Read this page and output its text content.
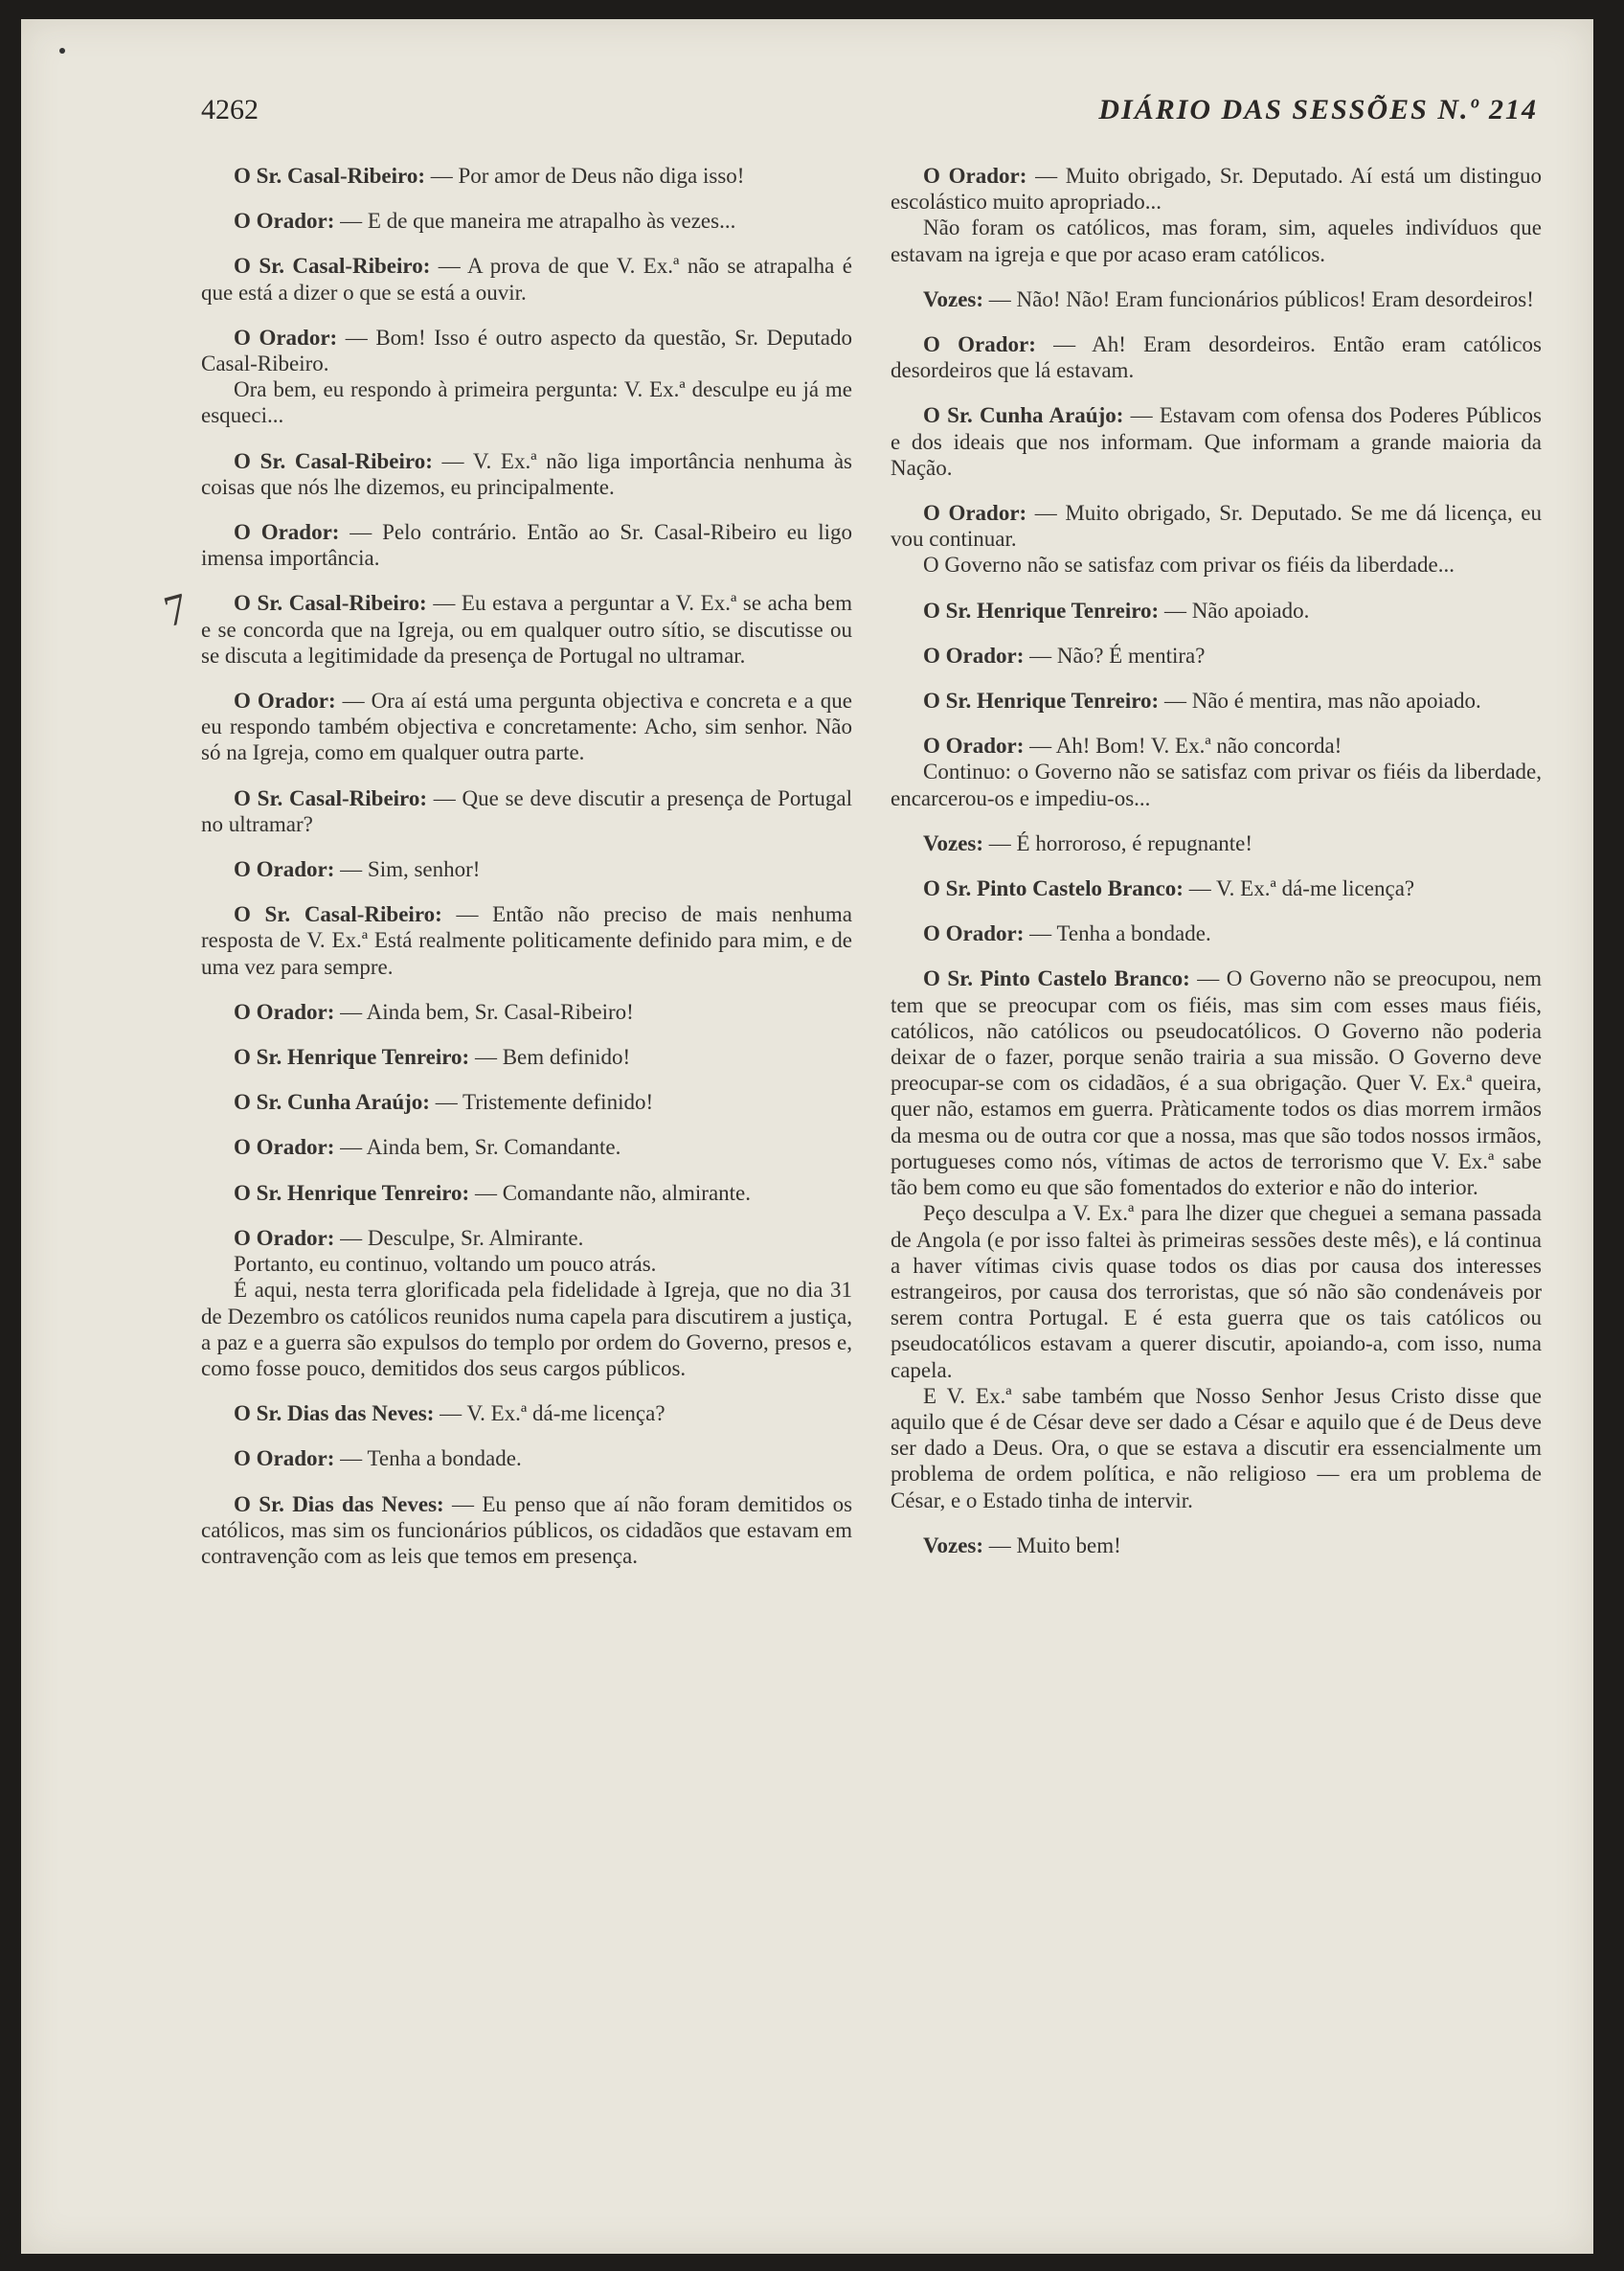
4262	DIÁRIO DAS SESSÕES N.º 214
7
O Sr. Casal-Ribeiro: — Por amor de Deus não diga isso!
O Orador: — E de que maneira me atrapalho às vezes...
O Sr. Casal-Ribeiro: — A prova de que V. Ex.ª não se atrapalha é que está a dizer o que se está a ouvir.
O Orador: — Bom! Isso é outro aspecto da questão, Sr. Deputado Casal-Ribeiro.
Ora bem, eu respondo à primeira pergunta: V. Ex.ª desculpe eu já me esqueci...
O Sr. Casal-Ribeiro: — V. Ex.ª não liga importância nenhuma às coisas que nós lhe dizemos, eu principalmente.
O Orador: — Pelo contrário. Então ao Sr. Casal-Ribeiro eu ligo imensa importância.
O Sr. Casal-Ribeiro: — Eu estava a perguntar a V. Ex.ª se acha bem e se concorda que na Igreja, ou em qualquer outro sítio, se discutisse ou se discuta a legitimidade da presença de Portugal no ultramar.
O Orador: — Ora aí está uma pergunta objectiva e concreta e a que eu respondo também objectiva e concretamente: Acho, sim senhor. Não só na Igreja, como em qualquer outra parte.
O Sr. Casal-Ribeiro: — Que se deve discutir a presença de Portugal no ultramar?
O Orador: — Sim, senhor!
O Sr. Casal-Ribeiro: — Então não preciso de mais nenhuma resposta de V. Ex.ª Está realmente politicamente definido para mim, e de uma vez para sempre.
O Orador: — Ainda bem, Sr. Casal-Ribeiro!
O Sr. Henrique Tenreiro: — Bem definido!
O Sr. Cunha Araújo: — Tristemente definido!
O Orador: — Ainda bem, Sr. Comandante.
O Sr. Henrique Tenreiro: — Comandante não, almirante.
O Orador: — Desculpe, Sr. Almirante.
Portanto, eu continuo, voltando um pouco atrás.
É aqui, nesta terra glorificada pela fidelidade à Igreja, que no dia 31 de Dezembro os católicos reunidos numa capela para discutirem a justiça, a paz e a guerra são expulsos do templo por ordem do Governo, presos e, como fosse pouco, demitidos dos seus cargos públicos.
O Sr. Dias das Neves: — V. Ex.ª dá-me licença?
O Orador: — Tenha a bondade.
O Sr. Dias das Neves: — Eu penso que aí não foram demitidos os católicos, mas sim os funcionários públicos, os cidadãos que estavam em contravenção com as leis que temos em presença.
O Orador: — Muito obrigado, Sr. Deputado. Aí está um distinguo escolástico muito apropriado...
Não foram os católicos, mas foram, sim, aqueles indivíduos que estavam na igreja e que por acaso eram católicos.
Vozes: — Não! Não! Eram funcionários públicos! Eram desordeiros!
O Orador: — Ah! Eram desordeiros. Então eram católicos desordeiros que lá estavam.
O Sr. Cunha Araújo: — Estavam com ofensa dos Poderes Públicos e dos ideais que nos informam. Que informam a grande maioria da Nação.
O Orador: — Muito obrigado, Sr. Deputado. Se me dá licença, eu vou continuar.
O Governo não se satisfaz com privar os fiéis da liberdade...
O Sr. Henrique Tenreiro: — Não apoiado.
O Orador: — Não? É mentira?
O Sr. Henrique Tenreiro: — Não é mentira, mas não apoiado.
O Orador: — Ah! Bom! V. Ex.ª não concorda!
Continuo: o Governo não se satisfaz com privar os fiéis da liberdade, encarcerou-os e impediu-os...
Vozes: — É horroroso, é repugnante!
O Sr. Pinto Castelo Branco: — V. Ex.ª dá-me licença?
O Orador: — Tenha a bondade.
O Sr. Pinto Castelo Branco: — O Governo não se preocupou, nem tem que se preocupar com os fiéis, mas sim com esses maus fiéis, católicos, não católicos ou pseudocatólicos. O Governo não poderia deixar de o fazer, porque senão trairia a sua missão. O Governo deve preocupar-se com os cidadãos, é a sua obrigação. Quer V. Ex.ª queira, quer não, estamos em guerra. Pràticamente todos os dias morrem irmãos da mesma ou de outra cor que a nossa, mas que são todos nossos irmãos, portugueses como nós, vítimas de actos de terrorismo que V. Ex.ª sabe tão bem como eu que são fomentados do exterior e não do interior.
Peço desculpa a V. Ex.ª para lhe dizer que cheguei a semana passada de Angola (e por isso faltei às primeiras sessões deste mês), e lá continua a haver vítimas civis quase todos os dias por causa dos interesses estrangeiros, por causa dos terroristas, que só não são condenáveis por serem contra Portugal. E é esta guerra que os tais católicos ou pseudocatólicos estavam a querer discutir, apoiando-a, com isso, numa capela.
E V. Ex.ª sabe também que Nosso Senhor Jesus Cristo disse que aquilo que é de César deve ser dado a César e aquilo que é de Deus deve ser dado a Deus. Ora, o que se estava a discutir era essencialmente um problema de ordem política, e não religioso — era um problema de César, e o Estado tinha de intervir.
Vozes: — Muito bem!
